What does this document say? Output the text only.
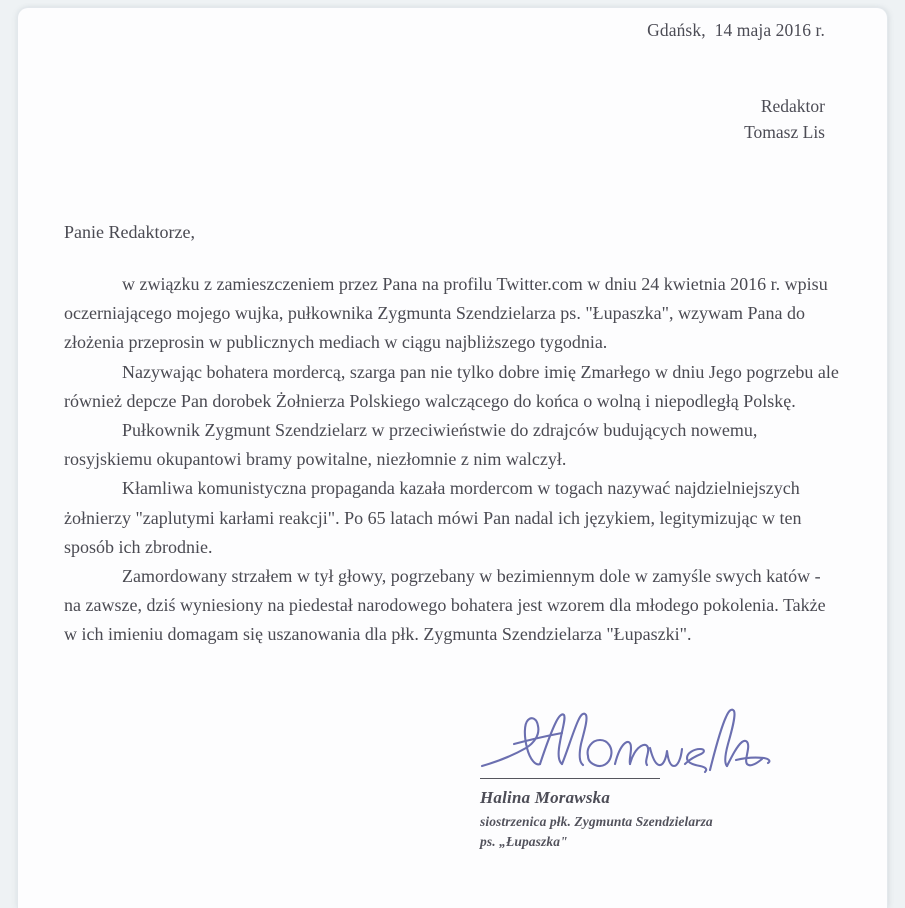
Gdańsk,  14 maja 2016 r.
Redaktor
Tomasz Lis
Panie Redaktorze,

w związku z zamieszczeniem przez Pana na profilu Twitter.com w dniu 24 kwietnia 2016 r. wpisu oczerniającego mojego wujka, pułkownika Zygmunta Szendzielarza ps. "Łupaszka", wzywam Pana do złożenia przeprosin w publicznych mediach w ciągu najbliższego tygodnia.

Nazywając bohatera mordercą, szarga pan nie tylko dobre imię Zmarłego w dniu Jego pogrzebu ale również depcze Pan dorobek Żołnierza Polskiego walczącego do końca o wolną i niepodległą Polskę.

Pułkownik Zygmunt Szendzielarz w przeciwieństwie do zdrajców budujących nowemu, rosyjskiemu okupantowi bramy powitalne, niezłomnie z nim walczył.

Kłamliwa komunistyczna propaganda kazała mordercom w togach nazywać najdzielniejszych żołnierzy "zaplutymi karłami reakcji". Po 65 latach mówi Pan nadal ich językiem, legitymizując w ten sposób ich zbrodnie.

Zamordowany strzałem w tył głowy, pogrzebany w bezimiennym dole w zamyśle swych katów - na zawsze, dziś wyniesiony na piedestał narodowego bohatera jest wzorem dla młodego pokolenia. Także w ich imieniu domagam się uszanowania dla płk. Zygmunta Szendzielarza "Łupaszki".

Halina Morawska
siostrzenica płk. Zygmunta Szendzielarza
ps. „Łupaszka"
